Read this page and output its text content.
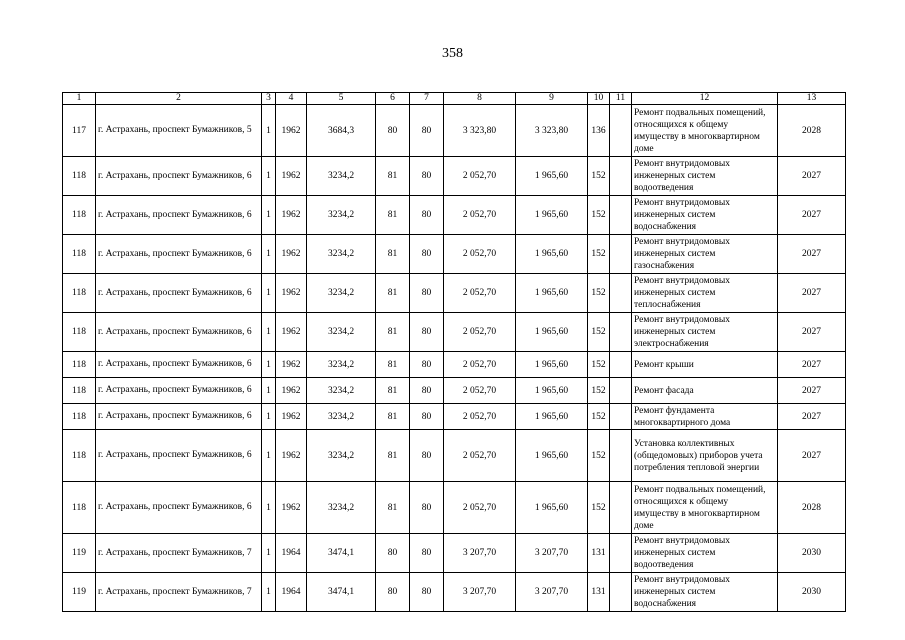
358
1	2	3	4	5	6	7	8	9	10	11	12	13
117	г. Астрахань, проспект Бумажников, 5	1	1962	3684,3	80	80	3 323,80	3 323,80	136		Ремонт подвальных помещений, относящихся к общему имуществу в многоквартирном доме	2028
118	г. Астрахань, проспект Бумажников, 6	1	1962	3234,2	81	80	2 052,70	1 965,60	152		Ремонт внутридомовых инженерных систем водоотведения	2027
118	г. Астрахань, проспект Бумажников, 6	1	1962	3234,2	81	80	2 052,70	1 965,60	152		Ремонт внутридомовых инженерных систем водоснабжения	2027
118	г. Астрахань, проспект Бумажников, 6	1	1962	3234,2	81	80	2 052,70	1 965,60	152		Ремонт внутридомовых инженерных систем газоснабжения	2027
118	г. Астрахань, проспект Бумажников, 6	1	1962	3234,2	81	80	2 052,70	1 965,60	152		Ремонт внутридомовых инженерных систем теплоснабжения	2027
118	г. Астрахань, проспект Бумажников, 6	1	1962	3234,2	81	80	2 052,70	1 965,60	152		Ремонт внутридомовых инженерных систем электроснабжения	2027
118	г. Астрахань, проспект Бумажников, 6	1	1962	3234,2	81	80	2 052,70	1 965,60	152		Ремонт крыши	2027
118	г. Астрахань, проспект Бумажников, 6	1	1962	3234,2	81	80	2 052,70	1 965,60	152		Ремонт фасада	2027
118	г. Астрахань, проспект Бумажников, 6	1	1962	3234,2	81	80	2 052,70	1 965,60	152		Ремонт фундамента многоквартирного дома	2027
118	г. Астрахань, проспект Бумажников, 6	1	1962	3234,2	81	80	2 052,70	1 965,60	152		Установка коллективных (общедомовых) приборов учета потребления тепловой энергии	2027
118	г. Астрахань, проспект Бумажников, 6	1	1962	3234,2	81	80	2 052,70	1 965,60	152		Ремонт подвальных помещений, относящихся к общему имуществу в многоквартирном доме	2028
119	г. Астрахань, проспект Бумажников, 7	1	1964	3474,1	80	80	3 207,70	3 207,70	131		Ремонт внутридомовых инженерных систем водоотведения	2030
119	г. Астрахань, проспект Бумажников, 7	1	1964	3474,1	80	80	3 207,70	3 207,70	131		Ремонт внутридомовых инженерных систем водоснабжения	2030
